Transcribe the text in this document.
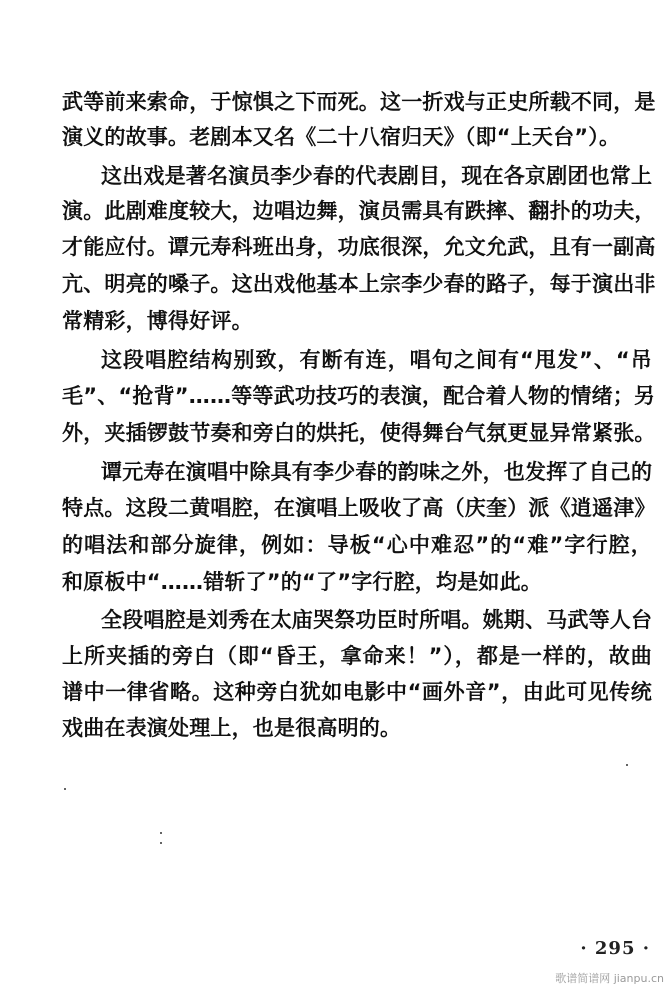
武等前来索命，于惊惧之下而死。这一折戏与正史所载不同，是
演义的故事。老剧本又名《二十八宿归天》（即“上天台”）。
这出戏是著名演员李少春的代表剧目，现在各京剧团也常上
演。此剧难度较大，边唱边舞，演员需具有跌摔、翻扑的功夫，
才能应付。谭元寿科班出身，功底很深，允文允武，且有一副高
亢、明亮的嗓子。这出戏他基本上宗李少春的路子，每于演出非
常精彩，博得好评。
这段唱腔结构别致，有断有连，唱句之间有“甩发”、“吊
毛”、“抢背”……等等武功技巧的表演，配合着人物的情绪；另
外，夹插锣鼓节奏和旁白的烘托，使得舞台气氛更显异常紧张。
谭元寿在演唱中除具有李少春的韵味之外，也发挥了自己的
特点。这段二黄唱腔，在演唱上吸收了高（庆奎）派《逍遥津》
的唱法和部分旋律，例如：导板“心中难忍”的“难”字行腔，
和原板中“……错斩了”的“了”字行腔，均是如此。
全段唱腔是刘秀在太庙哭祭功臣时所唱。姚期、马武等人台
上所夹插的旁白（即“昏王，拿命来！”），都是一样的，故曲
谱中一律省略。这种旁白犹如电影中“画外音”，由此可见传统
戏曲在表演处理上，也是很高明的。
· 295 ·
歌谱简谱网 jianpu.cn
